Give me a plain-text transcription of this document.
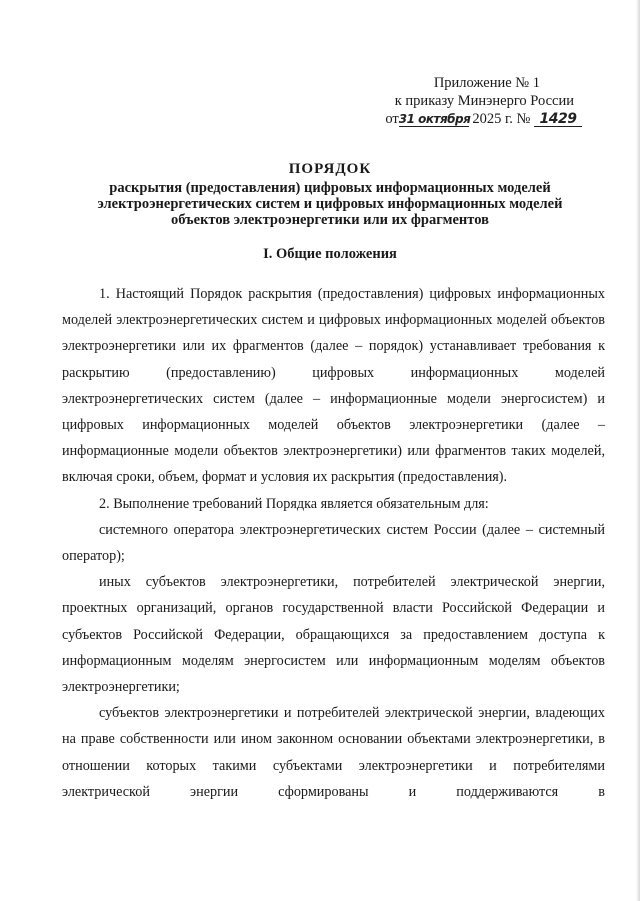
Приложение № 1
к приказу Минэнерго России
от31 октября 2025 г. № 1429
ПОРЯДОК
раскрытия (предоставления) цифровых информационных моделей
электроэнергетических систем и цифровых информационных моделей
объектов электроэнергетики или их фрагментов
I. Общие положения

1. Настоящий Порядок раскрытия (предоставления) цифровых информационных моделей электроэнергетических систем и цифровых информационных моделей объектов электроэнергетики или их фрагментов (далее – порядок) устанавливает требования к раскрытию (предоставлению) цифровых информационных моделей электроэнергетических систем (далее – информационные модели энергосистем) и цифровых информационных моделей объектов электроэнергетики (далее – информационные модели объектов электроэнергетики) или фрагментов таких моделей, включая сроки, объем, формат и условия их раскрытия (предоставления).

2. Выполнение требований Порядка является обязательным для:

системного оператора электроэнергетических систем России (далее – системный оператор);

иных субъектов электроэнергетики, потребителей электрической энергии, проектных организаций, органов государственной власти Российской Федерации и субъектов Российской Федерации, обращающихся за предоставлением доступа к информационным моделям энергосистем или информационным моделям объектов электроэнергетики;

субъектов электроэнергетики и потребителей электрической энергии, владеющих на праве собственности или ином законном основании объектами электроэнергетики, в отношении которых такими субъектами электроэнергетики и потребителями электрической энергии сформированы и поддерживаются в
